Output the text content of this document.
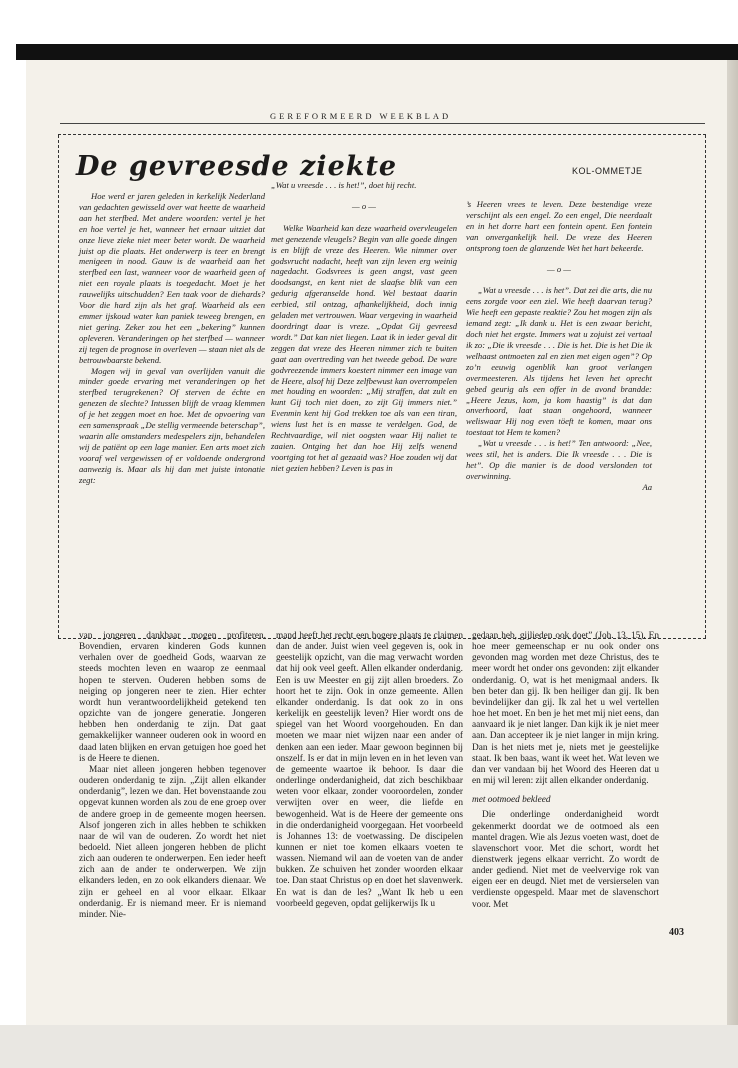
GEREFORMEERD WEEKBLAD
De gevreesde ziekte	KOL-OMMETJE

Hoe werd er jaren geleden in kerkelijk Nederland van gedachten gewisseld over wat heette de waarheid aan het sterfbed. Met andere woorden: vertel je het en hoe vertel je het, wanneer het ernaar uitziet dat onze lieve zieke niet meer beter wordt. De waarheid juist op die plaats. Het onderwerp is teer en brengt menigeen in nood. Gauw is de waarheid aan het sterfbed een last, wanneer voor de waarheid geen of niet een royale plaats is toegedacht. Moet je het rauwelijks uitschudden? Een taak voor de diehards? Voor die hard zijn als het graf. Waarheid als een emmer ijskoud water kan paniek teweeg brengen, en niet gering. Zeker zou het een „bekering” kunnen opleveren. Veranderingen op het sterfbed — wanneer zij tegen de prognose in overleven — staan niet als de betrouwbaarste bekend.

Mogen wij in geval van overlijden vanuit die minder goede ervaring met veranderingen op het sterfbed terugrekenen? Of sterven de échte en genezen de slechte? Intussen blijft de vraag klemmen of je het zeggen moet en hoe. Met de opvoering van een samenspraak „De stellig vermeende beterschap”, waarin alle omstanders medespelers zijn, behandelen wij de patiënt op een lage manier. Een arts moet zich vooraf wel vergewissen of er voldoende ondergrond aanwezig is. Maar als hij dan met juiste intonatie zegt:

„Wat u vreesde . . . is het!”, doet hij recht.

— o —

Welke Waarheid kan deze waarheid overvleugelen met genezende vleugels? Begin van alle goede dingen is en blijft de vreze des Heeren. Wie nimmer over godsvrucht nadacht, heeft van zijn leven erg weinig nagedacht. Godsvrees is geen angst, vast geen doodsangst, en kent niet de slaafse blik van een gedurig afgeranselde hond. Wel bestaat daarin eerbied, stil ontzag, afhankelijkheid, doch innig geladen met vertrouwen. Waar vergeving in waarheid doordringt daar is vreze. „Opdat Gij gevreesd wordt.” Dat kan niet liegen. Laat ik in ieder geval dit zeggen dat vreze des Heeren nimmer zich te buiten gaat aan overtreding van het tweede gebod. De ware godvreezende immers koestert nimmer een image van de Heere, alsof hij Deze zelfbewust kan overrompelen met houding en woorden: „Mij straffen, dat zult en kunt Gij toch niet doen, zo zijt Gij immers niet.” Evenmin kent hij God trekken toe als van een tiran, wiens lust het is en masse te verdelgen. God, de Rechtvaardige, wil niet oogsten waar Hij naliet te zaaien. Ontging het dan hoe Hij zelfs wenend voortging tot het al gezaaid was? Hoe zouden wij dat niet gezien hebben? Leven is pas in

’s Heeren vrees te leven. Deze bestendige vreze verschijnt als een engel. Zo een engel, Die neerdaalt en in het dorre hart een fontein opent. Een fontein van onvergankelijk heil. De vreze des Heeren ontsprong toen de glanzende Wet het hart bekeerde.

— o —

„Wat u vreesde . . . is het”. Dat zei die arts, die nu eens zorgde voor een ziel. Wie heeft daarvan terug? Wie heeft een gepaste reaktie? Zou het mogen zijn als iemand zegt: „Ik dank u. Het is een zwaar bericht, doch niet het ergste. Immers wat u zojuist zei vertaal ik zo: „Die ik vreesde . . . Die is het. Die is het Die ik welhaast ontmoeten zal en zien met eigen ogen”? Op zo’n eeuwig ogenblik kan groot verlangen overmeesteren. Als tijdens het leven het oprecht gebed geurig als een offer in de avond brandde: „Heere Jezus, kom, ja kom haastig” is dat dan onverhoord, laat staan ongehoord, wanneer weliswaar Hij nog even töeft te komen, maar ons toestaat tot Hem te komen?

„Wat u vreesde . . . is het!” Ten antwoord: „Nee, wees stil, het is anders. Die Ik vreesde . . . Die is het”. Op die manier is de dood verslonden tot overwinning.

Aa

van jongeren dankbaar mogen profiteren. Bovendien, ervaren kinderen Gods kunnen verhalen over de goedheid Gods, waarvan ze steeds mochten leven en waarop ze eenmaal hopen te sterven. Ouderen hebben soms de neiging op jongeren neer te zien. Hier echter wordt hun verantwoordelijkheid getekend ten opzichte van de jongere generatie. Jongeren hebben hen onderdanig te zijn. Dat gaat gemakkelijker wanneer ouderen ook in woord en daad laten blijken en ervan getuigen hoe goed het is de Heere te dienen.

Maar niet alleen jongeren hebben tegenover ouderen onderdanig te zijn. „Zijt allen elkander onderdanig”, lezen we dan. Het bovenstaande zou opgevat kunnen worden als zou de ene groep over de andere groep in de gemeente mogen heersen. Alsof jongeren zich in alles hebben te schikken naar de wil van de ouderen. Zo wordt het niet bedoeld. Niet alleen jongeren hebben de plicht zich aan ouderen te onderwerpen. Een ieder heeft zich aan de ander te onderwerpen. We zijn elkanders leden, en zo ook elkanders dienaar. We zijn er geheel en al voor elkaar. Elkaar onderdanig. Er is niemand meer. Er is niemand minder. Nie-

mand heeft het recht een hogere plaats te claimen dan de ander. Juist wien veel gegeven is, ook in geestelijk opzicht, van die mag verwacht worden dat hij ook veel geeft. Allen elkander onderdanig. Een is uw Meester en gij zijt allen broeders. Zo hoort het te zijn. Ook in onze gemeente. Allen elkander onderdanig. Is dat ook zo in ons kerkelijk en geestelijk leven? Hier wordt ons de spiegel van het Woord voorgehouden. En dan moeten we maar niet wijzen naar een ander of denken aan een ieder. Maar gewoon beginnen bij onszelf. Is er dat in mijn leven en in het leven van de gemeente waartoe ik behoor. Is daar die onderlinge onderdanigheid, dat zich beschikbaar weten voor elkaar, zonder vooroordelen, zonder verwijten over en weer, die liefde en bewogenheid. Wat is de Heere der gemeente ons in die onderdanigheid voorgegaan. Het voorbeeld is Johannes 13: de voetwassing. De discipelen kunnen er niet toe komen elkaars voeten te wassen. Niemand wil aan de voeten van de ander bukken. Ze schuiven het zonder woorden elkaar toe. Dan staat Christus op en doet het slavenwerk. En wat is dan de les? „Want Ik heb u een voorbeeld gegeven, opdat gelijkerwijs Ik u

gedaan heb, gijlieden ook doet” (Joh. 13, 15). En hoe meer gemeenschap er nu ook onder ons gevonden mag worden met deze Christus, des te meer wordt het onder ons gevonden: zijt elkander onderdanig. O, wat is het menigmaal anders. Ik ben beter dan gij. Ik ben heiliger dan gij. Ik ben bevindelijker dan gij. Ik zal het u wel vertellen hoe het moet. En ben je het met mij niet eens, dan aanvaard ik je niet langer. Dan kijk ik je niet meer aan. Dan accepteer ik je niet langer in mijn kring. Dan is het niets met je, niets met je geestelijke staat. Ik ben baas, want ik weet het. Wat leven we dan ver vandaan bij het Woord des Heeren dat u en mij wil leren: zijt allen elkander onderdanig.

met ootmoed bekleed

Die onderlinge onderdanigheid wordt gekenmerkt doordat we de ootmoed als een mantel dragen. Wie als Jezus voeten wast, doet de slavenschort voor. Met die schort, wordt het dienstwerk jegens elkaar verricht. Zo wordt de ander gediend. Niet met de veelvervige rok van eigen eer en deugd. Niet met de versierselen van verdienste opgespeld. Maar met de slavenschort voor. Met

403
